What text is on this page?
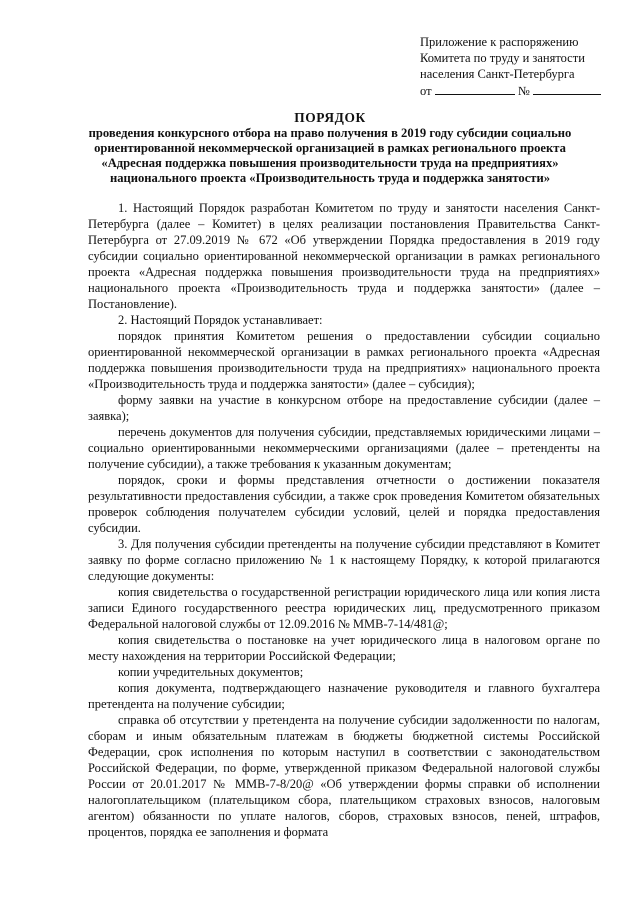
Приложение к распоряжению
Комитета по труду и занятости
населения Санкт-Петербурга
от	№
ПОРЯДОК
проведения конкурсного отбора на право получения в 2019 году субсидии социально
ориентированной некоммерческой организацией в рамках регионального проекта
«Адресная поддержка повышения производительности труда на предприятиях»
национального проекта «Производительность труда и поддержка занятости»

1. Настоящий Порядок разработан Комитетом по труду и занятости населения Санкт-Петербурга (далее – Комитет) в целях реализации постановления Правительства Санкт-Петербурга от 27.09.2019 № 672 «Об утверждении Порядка предоставления в 2019 году субсидии социально ориентированной некоммерческой организации в рамках регионального проекта «Адресная поддержка повышения производительности труда на предприятиях» национального проекта «Производительность труда и поддержка занятости» (далее – Постановление).

2. Настоящий Порядок устанавливает:

порядок принятия Комитетом решения о предоставлении субсидии социально ориентированной некоммерческой организации в рамках регионального проекта «Адресная поддержка повышения производительности труда на предприятиях» национального проекта «Производительность труда и поддержка занятости» (далее – субсидия);

форму заявки на участие в конкурсном отборе на предоставление субсидии (далее – заявка);

перечень документов для получения субсидии, представляемых юридическими лицами – социально ориентированными некоммерческими организациями (далее – претенденты на получение субсидии), а также требования к указанным документам;

порядок, сроки и формы представления отчетности о достижении показателя результативности предоставления субсидии, а также срок проведения Комитетом обязательных проверок соблюдения получателем субсидии условий, целей и порядка предоставления субсидии.

3. Для получения субсидии претенденты на получение субсидии представляют в Комитет заявку по форме согласно приложению № 1 к настоящему Порядку, к которой прилагаются следующие документы:

копия свидетельства о государственной регистрации юридического лица или копия листа записи Единого государственного реестра юридических лиц, предусмотренного приказом Федеральной налоговой службы от 12.09.2016 № ММВ-7-14/481@;

копия свидетельства о постановке на учет юридического лица в налоговом органе по месту нахождения на территории Российской Федерации;

копии учредительных документов;

копия документа, подтверждающего назначение руководителя и главного бухгалтера претендента на получение субсидии;

справка об отсутствии у претендента на получение субсидии задолженности по налогам, сборам и иным обязательным платежам в бюджеты бюджетной системы Российской Федерации, срок исполнения по которым наступил в соответствии с законодательством Российской Федерации, по форме, утвержденной приказом Федеральной налоговой службы России от 20.01.2017 № ММВ-7-8/20@ «Об утверждении формы справки об исполнении налогоплательщиком (плательщиком сбора, плательщиком страховых взносов, налоговым агентом) обязанности по уплате налогов, сборов, страховых взносов, пеней, штрафов, процентов, порядка ее заполнения и формата
